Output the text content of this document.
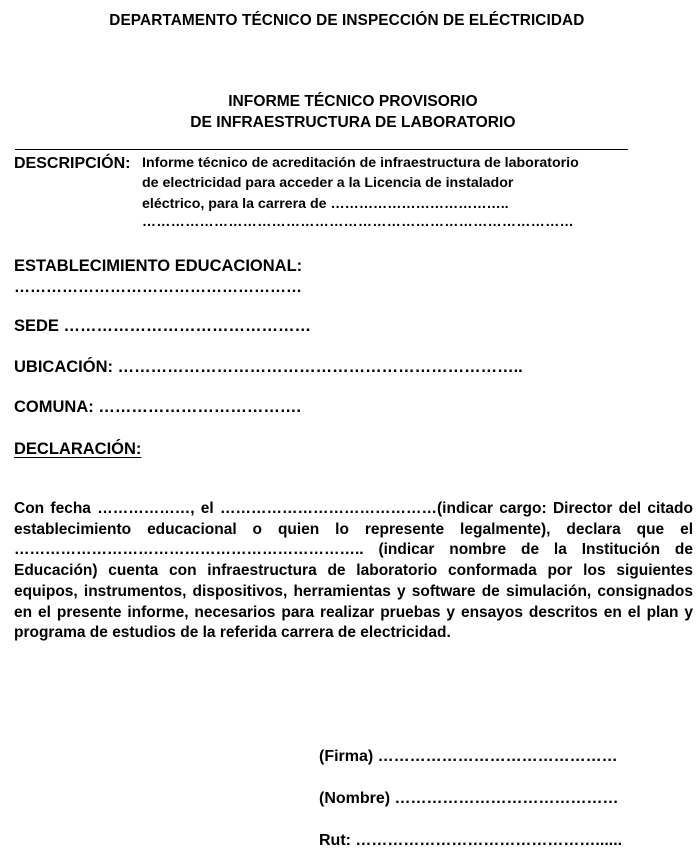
DEPARTAMENTO TÉCNICO DE INSPECCIÓN DE ELÉCTRICIDAD
INFORME TÉCNICO PROVISORIO
DE INFRAESTRUCTURA DE LABORATORIO
DESCRIPCIÓN: Informe técnico de acreditación de infraestructura de laboratorio
de electricidad para acceder a la Licencia de instalador
eléctrico, para la carrera de ………………………………..
………………………………………………………………………………
ESTABLECIMIENTO EDUCACIONAL:
………………………………………………
SEDE ………………………………………
UBICACIÓN: ………………………………………………………………..
COMUNA: ……………………………….
DECLARACIÓN:

Con fecha ………………, el ……………………………………(indicar cargo: Director del citado establecimiento educacional o quien lo represente legalmente), declara que el ………………………………………………………….. (indicar nombre de la Institución de Educación) cuenta con infraestructura de laboratorio conformada por los siguientes equipos, instrumentos, dispositivos, herramientas y software de simulación, consignados en el presente informe, necesarios para realizar pruebas y ensayos descritos en el plan y programa de estudios de la referida carrera de electricidad.

(Firma) ………………………………………
(Nombre) ……………………………………
Rut: ………………………………………......
